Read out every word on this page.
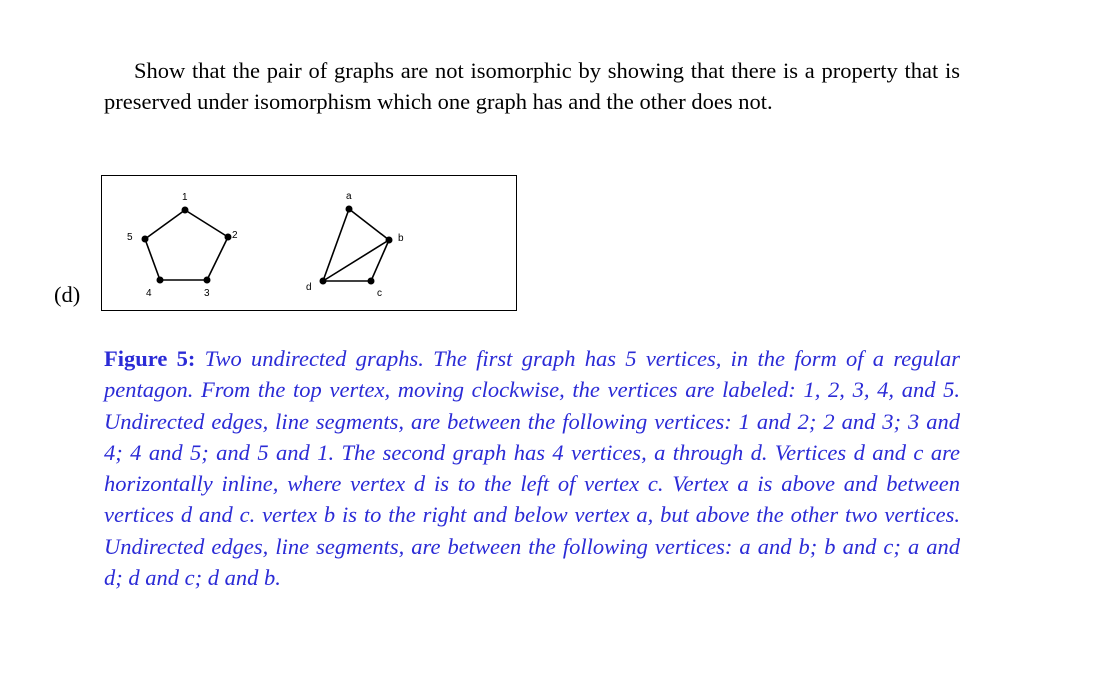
Show that the pair of graphs are not isomorphic by showing that there is a property that is preserved under isomorphism which one graph has and the other does not.
(d)
1
2
3
4
5
a
b
c
d
Figure 5: Two undirected graphs. The first graph has 5 vertices, in the form of a regular pentagon. From the top vertex, moving clockwise, the vertices are labeled: 1, 2, 3, 4, and 5. Undirected edges, line segments, are between the following vertices: 1 and 2; 2 and 3; 3 and 4; 4 and 5; and 5 and 1. The second graph has 4 vertices, a through d. Vertices d and c are horizontally inline, where vertex d is to the left of vertex c. Vertex a is above and between vertices d and c. vertex b is to the right and below vertex a, but above the other two vertices. Undirected edges, line segments, are between the following vertices: a and b; b and c; a and d; d and c; d and b.
